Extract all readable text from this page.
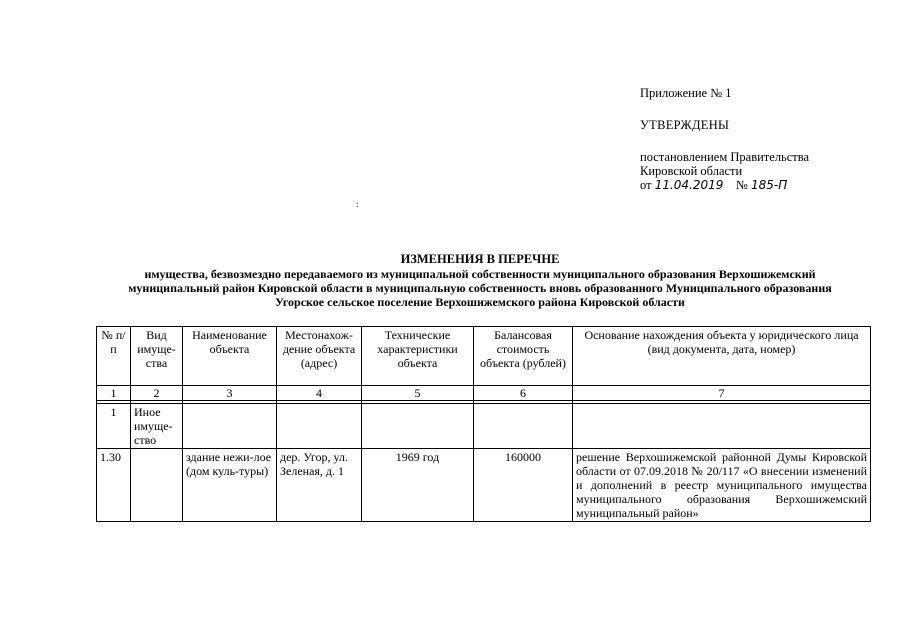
Приложение № 1
УТВЕРЖДЕНЫ
постановлением Правительства
Кировской области
от 11.04.2019 № 185-П
:
ИЗМЕНЕНИЯ В ПЕРЕЧНЕ
имущества, безвозмездно передаваемого из муниципальной собственности муниципального образования Верхошижемский
муниципальный район Кировской области в муниципальную собственность вновь образованного Муниципального образования
Угорское сельское поселение Верхошижемского района Кировской области
№ п/п	Вид имуще-ства	Наименование объекта	Местонахож-дение объекта (адрес)	Технические характеристики объекта	Балансовая стоимость объекта (рублей)	Основание нахождения объекта у юридического лица (вид документа, дата, номер)
1	2	3	4	5	6	7

1	Иное имуще-ство					
1.30		здание нежи-лое (дом куль-туры)	дер. Угор, ул. Зеленая, д. 1	1969 год	160000	решение Верхошижемской районной Думы Кировской области от 07.09.2018 № 20/117 «О внесении изменений и дополнений в реестр муниципального имущества муниципального образования Верхошижемский муниципальный район»
